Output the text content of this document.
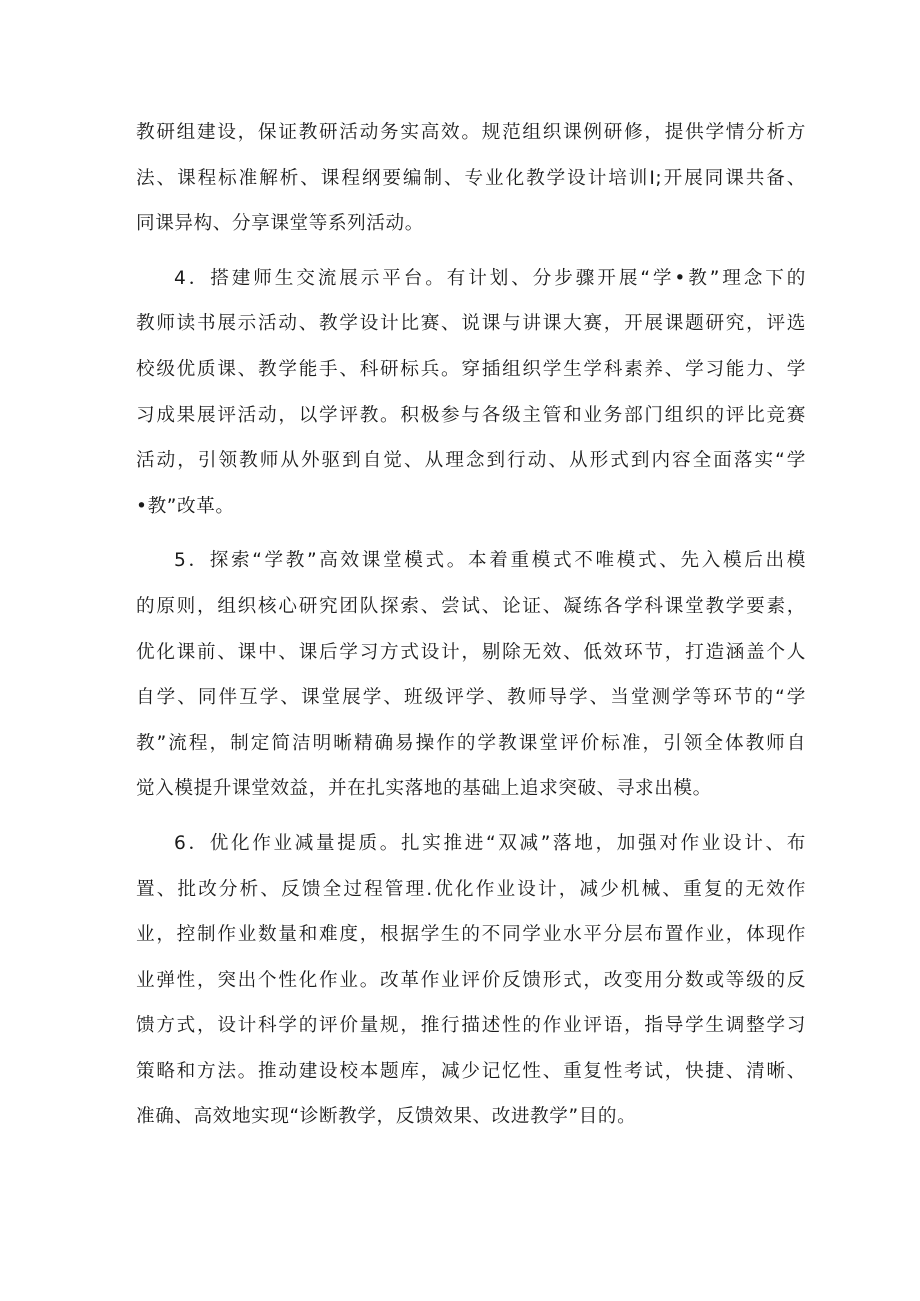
教研组建设，保证教研活动务实高效。规范组织课例研修，提供学情分析方
法、课程标准解析、课程纲要编制、专业化教学设计培训I;开展同课共备、
同课异构、分享课堂等系列活动。

4．搭建师生交流展示平台。有计划、分步骤开展“学•教”理念下的
教师读书展示活动、教学设计比赛、说课与讲课大赛，开展课题研究，评选
校级优质课、教学能手、科研标兵。穿插组织学生学科素养、学习能力、学
习成果展评活动，以学评教。积极参与各级主管和业务部门组织的评比竞赛
活动，引领教师从外驱到自觉、从理念到行动、从形式到内容全面落实“学
•教”改革。

5．探索“学教”高效课堂模式。本着重模式不唯模式、先入模后出模
的原则，组织核心研究团队探索、尝试、论证、凝练各学科课堂教学要素，
优化课前、课中、课后学习方式设计，剔除无效、低效环节，打造涵盖个人
自学、同伴互学、课堂展学、班级评学、教师导学、当堂测学等环节的“学
教”流程，制定简洁明晰精确易操作的学教课堂评价标准，引领全体教师自
觉入模提升课堂效益，并在扎实落地的基础上追求突破、寻求出模。

6．优化作业减量提质。扎实推进“双减”落地，加强对作业设计、布
置、批改分析、反馈全过程管理.优化作业设计，减少机械、重复的无效作
业，控制作业数量和难度，根据学生的不同学业水平分层布置作业，体现作
业弹性，突出个性化作业。改革作业评价反馈形式，改变用分数或等级的反
馈方式，设计科学的评价量规，推行描述性的作业评语，指导学生调整学习
策略和方法。推动建设校本题库，减少记忆性、重复性考试，快捷、清晰、
准确、高效地实现“诊断教学，反馈效果、改进教学”目的。
